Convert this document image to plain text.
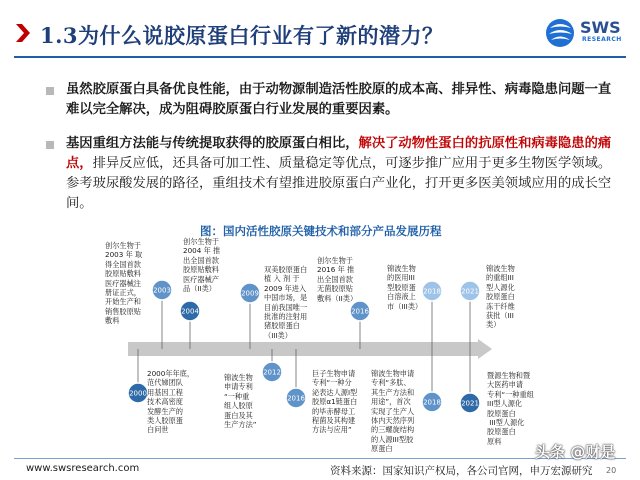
1.3为什么说胶原蛋白行业有了新的潜力？	SWS
RESEARCH
虽然胶原蛋白具备优良性能，由于动物源制造活性胶原的成本高、排异性、病毒隐患问题一直难以完全解决，成为阻碍胶原蛋白行业发展的重要因素。
基因重组方法能与传统提取获得的胶原蛋白相比，解决了动物性蛋白的抗原性和病毒隐患的痛点，排异反应低，还具备可加工性、质量稳定等优点，可逐步推广应用于更多生物医学领域。参考玻尿酸发展的路径，重组技术有望推进胶原蛋白产业化，打开更多医美领域应用的成长空间。
图：国内活性胶原关键技术和部分产品发展历程
2003
2004
2009
2016
2018	2021
2000
2012
2016	2018	2021
创尔生物于
2003 年 取
得全国首款
胶原贴敷料
医疗器械注
册证正式，
开始生产和
销售胶原贴
敷料
创尔生物于
2004 年 推
出全国首款
胶原贴敷料
医疗器械产
品（II类）
双美胶原蛋白
植 入 剂 于
2009 年进入
中国市场，是
目前我国唯一
批准的注射用
猪胶原蛋白
（III类）
创尔生物于
2016 年 推
出全国首款
无菌胶原贴
敷料（II类）
锦波生物
的医用III
型胶原蛋
白溶液上
市（III类）
锦波生物
的重组III
型人源化
胶原蛋白
冻干纤维
获批（III
类）
2000年年底，
范代娣团队
用基因工程
技术高密度
发酵生产的
类人胶原蛋
白问世
锦波生物
申请专利
“一种重
组人胶原
蛋白及其
生产方法”
巨子生物申请
专利“一种分
泌表达人源I型
胶原α1链蛋白
的毕赤酵母工
程菌及其构建
方法与应用”
锦波生物申请
专利“多肽、
其生产方法和
用途”，首次
实现了生产人
体内天然序列
的三螺旋结构
的人源III型胶
原蛋白
暨源生物和暨
大医药申请
专利“一种重组
III型人源化
胶原蛋白
III型人源化
胶原蛋白
原料
www.swsresearch.com	资料来源：国家知识产权局，各公司官网，申万宏源研究 20
头条 @财是
